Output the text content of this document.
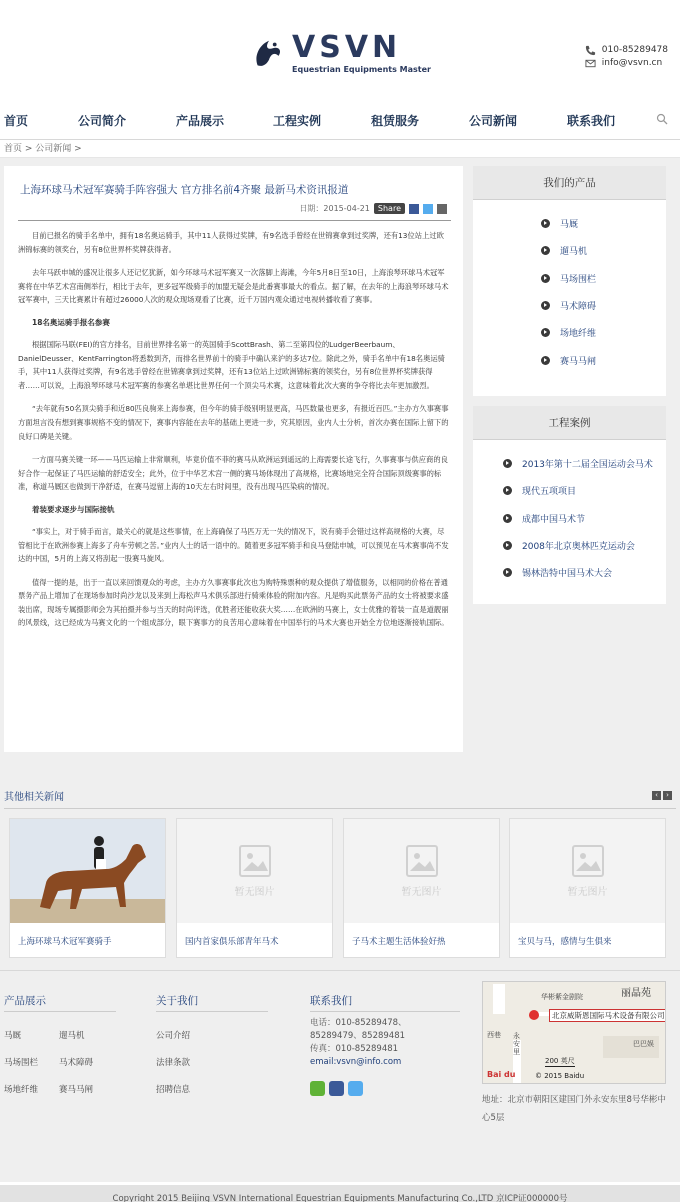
VSVN
Equestrian Equipments Master
010-85289478
info@vsvn.cn
首页	公司简介	产品展示	工程实例	租赁服务	公司新闻	联系我们
首页 > 公司新闻 >
上海环球马术冠军赛骑手阵容强大 官方排名前4齐聚 最新马术资讯报道
日期：2015-04-21	Share

目前已报名的骑手名单中，拥有18名奥运骑手，其中11人获得过奖牌，有9名选手曾经在世锦赛拿到过奖牌，还有13位站上过欧洲锦标赛的领奖台，另有8位世界杯奖牌获得者。

去年马跃申城的盛况让很多人还记忆犹新，如今环球马术冠军赛又一次落脚上海滩，今年5月8日至10日，上海浪琴环球马术冠军赛将在中华艺术宫南侧举行，相比于去年，更多冠军级骑手的加盟无疑会是此番赛事最大的看点。据了解，在去年的上海浪琴环球马术冠军赛中，三天比赛累计有超过26000人次的观众现场观看了比赛，近千万国内观众通过电视转播收看了赛事。

18名奥运骑手报名参赛

根据国际马联(FEI)的官方排名，目前世界排名第一的英国骑手ScottBrash、第二至第四位的LudgerBeerbaum、DanielDeusser、KentFarrington将悉数到齐，而排名世界前十的骑手中确认来沪的多达7位。除此之外，骑手名单中有18名奥运骑手，其中11人获得过奖牌，有9名选手曾经在世锦赛拿到过奖牌，还有13位站上过欧洲锦标赛的领奖台，另有8位世界杯奖牌获得者……可以说，上海浪琴环球马术冠军赛的参赛名单堪比世界任何一个顶尖马术赛，这意味着此次大赛的争夺将比去年更加激烈。

“去年就有50名顶尖骑手和近80匹良驹来上海参赛，但今年的骑手级别明显更高，马匹数量也更多，有报近百匹。”主办方久事赛事方面坦言没有想到赛事规格不变的情况下，赛事内容能在去年的基础上更进一步，究其原因，业内人士分析，首次办赛在国际上留下的良好口碑是关键。

一方面马赛关键一环——马匹运输上非常顺利，毕竟价值不菲的赛马从欧洲运到遥远的上海需要长途飞行，久事赛事与供应商的良好合作一起保证了马匹运输的舒适安全；此外，位于中华艺术宫一侧的赛马场体现出了高规格，比赛场地完全符合国际顶级赛事的标准，称道马厩区也做到干净舒适，在赛马逗留上海的10天左右时间里，没有出现马匹染病的情况。

着装要求逐步与国际接轨

“事实上，对于骑手而言，最关心的就是这些事情，在上海确保了马匹万无一失的情况下，说有骑手会错过这样高规格的大赛，尽管相比于在欧洲参赛上海多了舟车劳顿之苦。”业内人士的话一语中的。随着更多冠军骑手和良马登陆申城，可以预见在马术赛事尚不发达的中国，5月的上海又将刮起一股赛马旋风。

值得一提的是，出于一直以来回馈观众的考虑，主办方久事赛事此次也为购特殊票种的观众提供了增值服务，以相同的价格在普通票务产品上增加了在现场参加时尚沙龙以及来到上海松声马术俱乐部进行骑乘体验的附加内容。凡是购买此票务产品的女士将被要求盛装出席，现场专属摄影师会为其拍摄并参与当天的时尚评选，优胜者还能收获大奖……在欧洲的马赛上，女士优雅的着装一直是道靓丽的风景线，这已经成为马赛文化的一个组成部分，眼下赛事方的良苦用心意味着在中国举行的马术大赛也开始全方位地逐渐接轨国际。

我们的产品
马厩
遛马机
马场围栏
马术障碍
场地纤维
赛马马闸
工程案例
2013年第十二届全国运动会马术
现代五项项目
成都中国马术节
2008年北京奥林匹克运动会
锡林浩特中国马术大会
其他相关新闻	‹	›
上海环球马术冠军赛骑手
暂无图片
国内首家俱乐部青年马术
暂无图片
子马术主题生活体验好热
暂无图片
宝贝与马，感情与生俱来
产品展示
马厩	遛马机
马场围栏 马术障碍
场地纤维 赛马马闸
关于我们
公司介绍
法律条款
招聘信息
联系我们
电话：010-85289478、
85289479、85289481
传真：010-85289481
email:vsvn@info.com
华彬紫金剧院	丽晶苑
北京威斯恩国际马术设备有限公司
永安里
西巷
巴巴娱
200 英尺
Bai du	© 2015 Baidu
地址：北京市朝阳区建国门外永安东里8号华彬中心5层
Copyright 2015 Beijing VSVN International Equestrian Equipments Manufacturing Co.,LTD 京ICP证000000号
